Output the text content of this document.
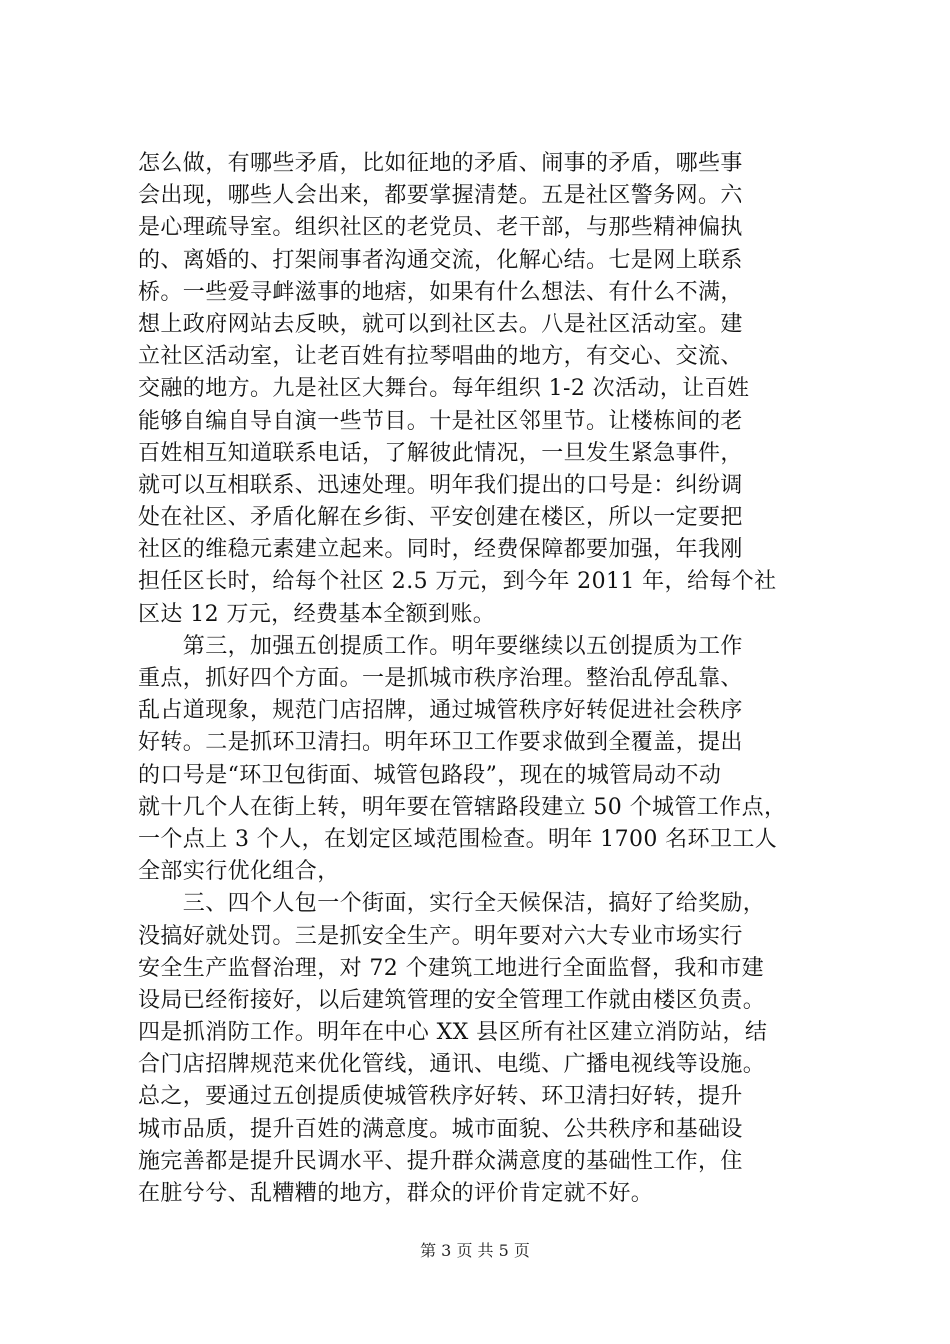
怎么做，有哪些矛盾，比如征地的矛盾、闹事的矛盾，哪些事
会出现，哪些人会出来，都要掌握清楚。五是社区警务网。六
是心理疏导室。组织社区的老党员、老干部，与那些精神偏执
的、离婚的、打架闹事者沟通交流，化解心结。七是网上联系
桥。一些爱寻衅滋事的地痞，如果有什么想法、有什么不满，
想上政府网站去反映，就可以到社区去。八是社区活动室。建
立社区活动室，让老百姓有拉琴唱曲的地方，有交心、交流、
交融的地方。九是社区大舞台。每年组织 1-2 次活动，让百姓
能够自编自导自演一些节目。十是社区邻里节。让楼栋间的老
百姓相互知道联系电话，了解彼此情况，一旦发生紧急事件，
就可以互相联系、迅速处理。明年我们提出的口号是：纠纷调
处在社区、矛盾化解在乡街、平安创建在楼区，所以一定要把
社区的维稳元素建立起来。同时，经费保障都要加强，年我刚
担任区长时，给每个社区 2.5 万元，到今年 2011 年，给每个社
区达 12 万元，经费基本全额到账。
　　第三，加强五创提质工作。明年要继续以五创提质为工作
重点，抓好四个方面。一是抓城市秩序治理。整治乱停乱靠、
乱占道现象，规范门店招牌，通过城管秩序好转促进社会秩序
好转。二是抓环卫清扫。明年环卫工作要求做到全覆盖，提出
的口号是“环卫包街面、城管包路段”，现在的城管局动不动
就十几个人在街上转，明年要在管辖路段建立 50 个城管工作点，
一个点上 3 个人，在划定区域范围检查。明年 1700 名环卫工人
全部实行优化组合，
　　三、四个人包一个街面，实行全天候保洁，搞好了给奖励，
没搞好就处罚。三是抓安全生产。明年要对六大专业市场实行
安全生产监督治理，对 72 个建筑工地进行全面监督，我和市建
设局已经衔接好，以后建筑管理的安全管理工作就由楼区负责。
四是抓消防工作。明年在中心 XX 县区所有社区建立消防站，结
合门店招牌规范来优化管线，通讯、电缆、广播电视线等设施。
总之，要通过五创提质使城管秩序好转、环卫清扫好转，提升
城市品质，提升百姓的满意度。城市面貌、公共秩序和基础设
施完善都是提升民调水平、提升群众满意度的基础性工作，住
在脏兮兮、乱糟糟的地方，群众的评价肯定就不好。
第 3 页 共 5 页
